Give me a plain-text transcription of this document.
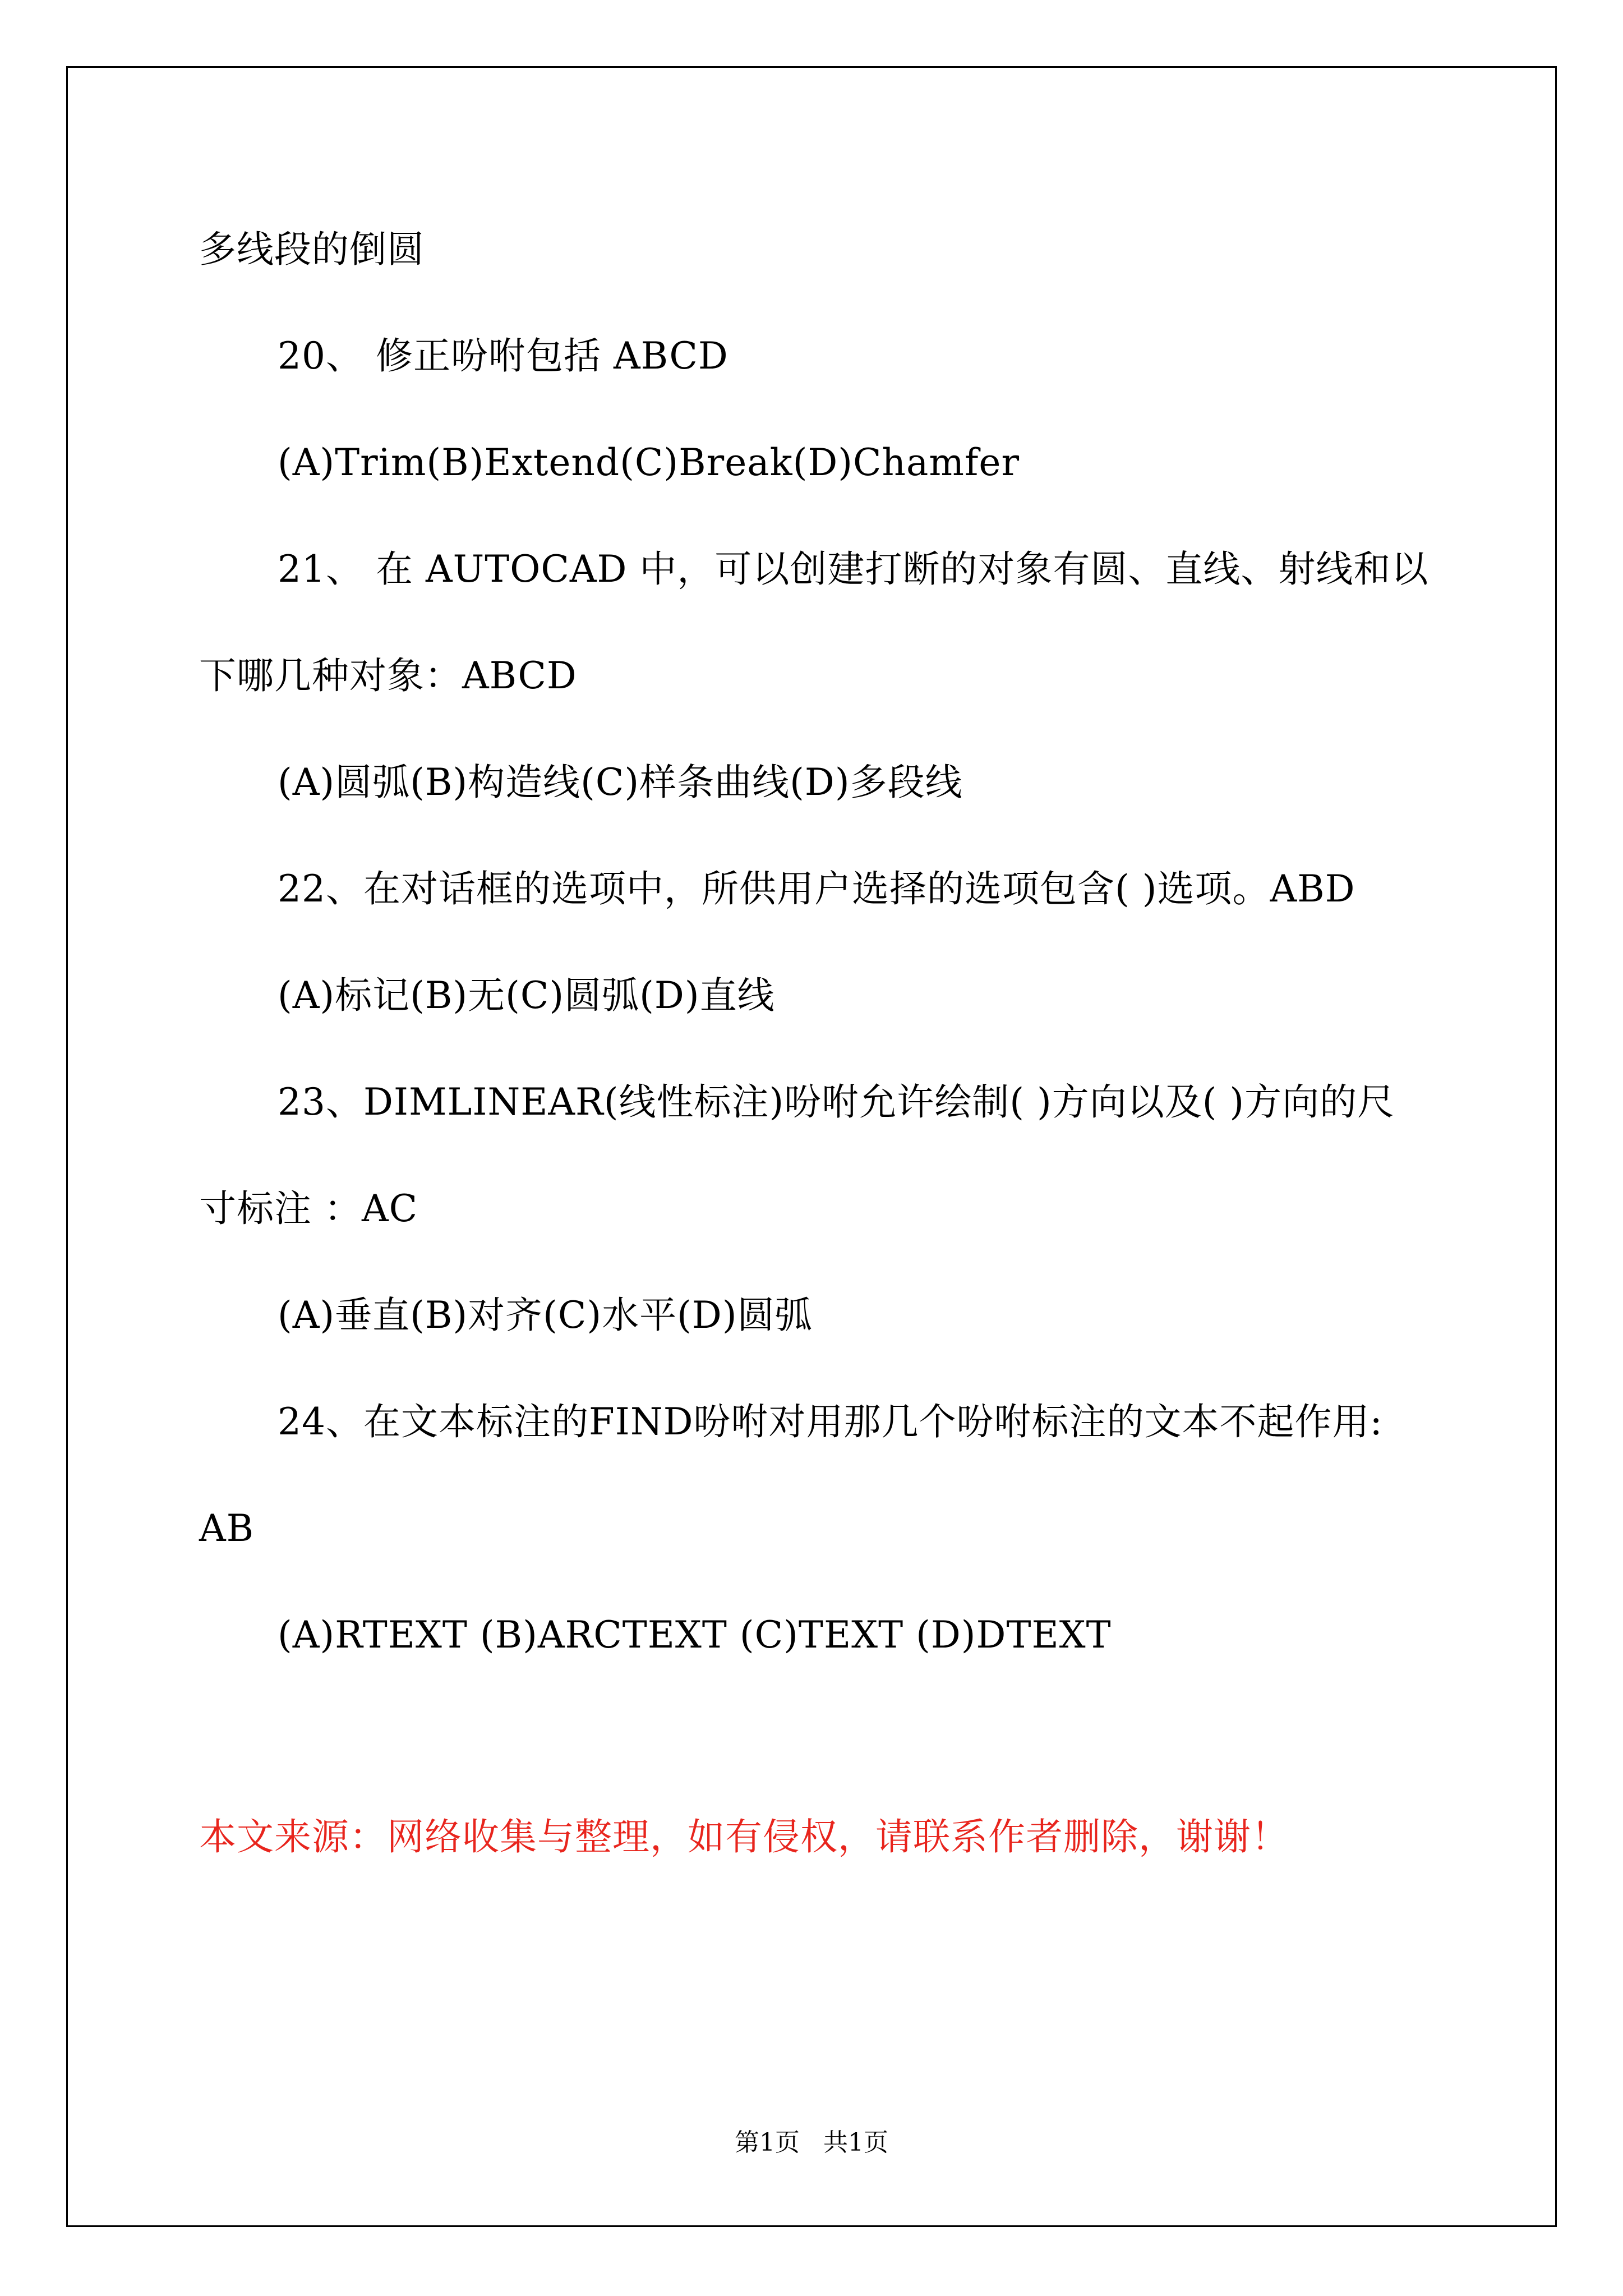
多线段的倒圆
20、 修正吩咐包括 ABCD
(A)Trim(B)Extend(C)Break(D)Chamfer
21、 在 AUTOCAD 中，可以创建打断的对象有圆、直线、射线和以
下哪几种对象：ABCD
(A)圆弧(B)构造线(C)样条曲线(D)多段线
22、在对话框的选项中，所供用户选择的选项包含( )选项。ABD
(A)标记(B)无(C)圆弧(D)直线
23、DIMLINEAR(线性标注)吩咐允许绘制( )方向以及( )方向的尺
寸标注 ：AC
(A)垂直(B)对齐(C)水平(D)圆弧
24、在文本标注的FIND吩咐对用那几个吩咐标注的文本不起作用:
AB
(A)RTEXT (B)ARCTEXT (C)TEXT (D)DTEXT
本文来源：网络收集与整理，如有侵权，请联系作者删除，谢谢！
第1页   共1页
